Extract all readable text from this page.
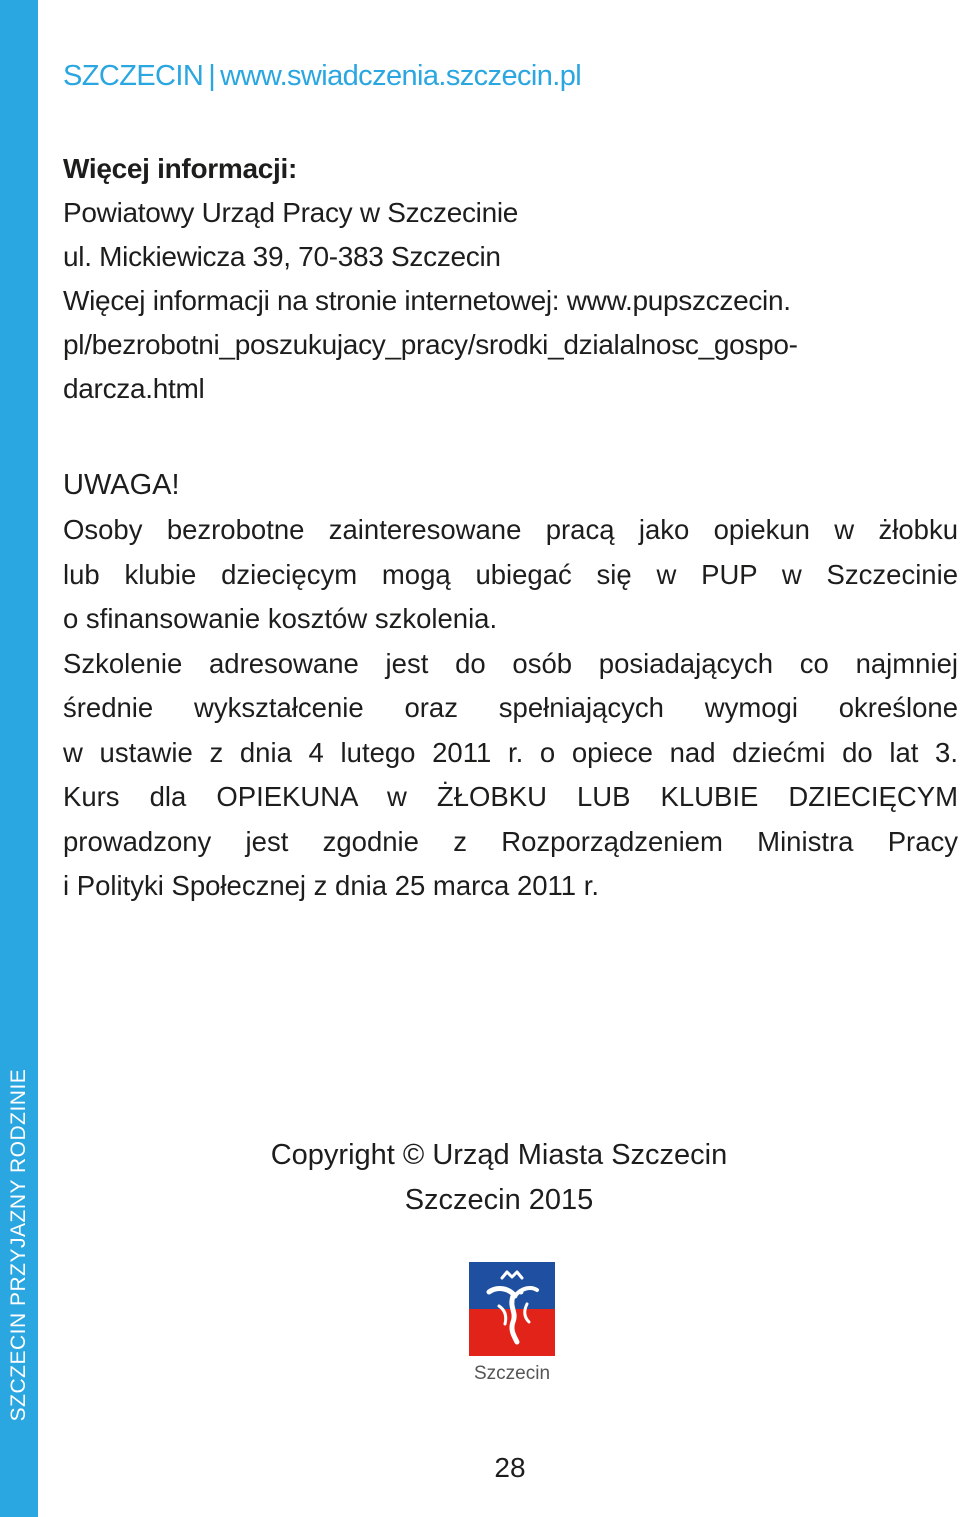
SZCZECIN PRZYJAZNY RODZINIE
SZCZECIN | www.swiadczenia.szczecin.pl
Więcej informacji:
Powiatowy Urząd Pracy w Szczecinie
ul. Mickiewicza 39, 70-383 Szczecin
Więcej informacji na stronie internetowej: www.pupszczecin.
pl/bezrobotni_poszukujacy_pracy/srodki_dzialalnosc_gospo-
darcza.html
UWAGA!
Osoby bezrobotne zainteresowane pracą jako opiekun w żłobku
lub klubie dziecięcym mogą ubiegać się w PUP w Szczecinie
o sfinansowanie kosztów szkolenia.
Szkolenie adresowane jest do osób posiadających co najmniej
średnie wykształcenie oraz spełniających wymogi określone
w ustawie z dnia 4 lutego 2011 r. o opiece nad dziećmi do lat 3.
Kurs dla OPIEKUNA w ŻŁOBKU LUB KLUBIE DZIECIĘCYM
prowadzony jest zgodnie z Rozporządzeniem Ministra Pracy
i Polityki Społecznej z dnia 25 marca 2011 r.
Copyright © Urząd Miasta Szczecin
Szczecin 2015
Szczecin
28
